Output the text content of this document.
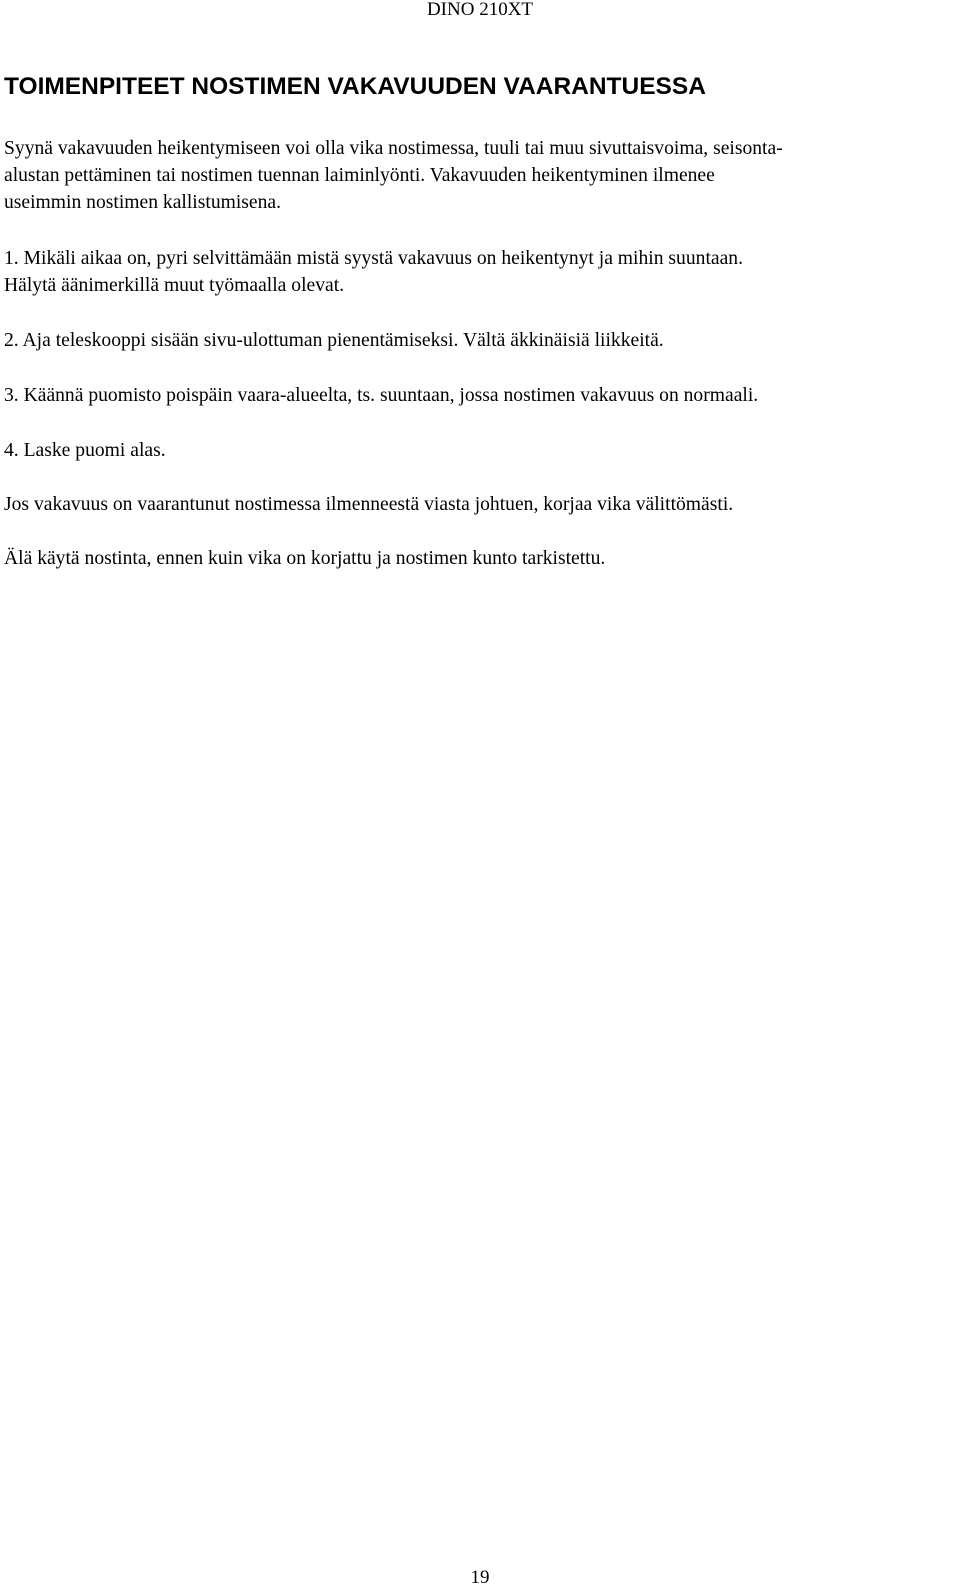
DINO 210XT
TOIMENPITEET NOSTIMEN VAKAVUUDEN VAARANTUESSA

Syynä vakavuuden heikentymiseen voi olla vika nostimessa, tuuli tai muu sivuttaisvoima, seisonta-
alustan pettäminen tai nostimen tuennan laiminlyönti. Vakavuuden heikentyminen ilmenee
useimmin nostimen kallistumisena.

1. Mikäli aikaa on, pyri selvittämään mistä syystä vakavuus on heikentynyt ja mihin suuntaan.
Hälytä äänimerkillä muut työmaalla olevat.

2. Aja teleskooppi sisään sivu-ulottuman pienentämiseksi. Vältä äkkinäisiä liikkeitä.

3. Käännä puomisto poispäin vaara-alueelta, ts. suuntaan, jossa nostimen vakavuus on normaali.

4. Laske puomi alas.

Jos vakavuus on vaarantunut nostimessa ilmenneestä viasta johtuen, korjaa vika välittömästi.

Älä käytä nostinta, ennen kuin vika on korjattu ja nostimen kunto tarkistettu.

19
